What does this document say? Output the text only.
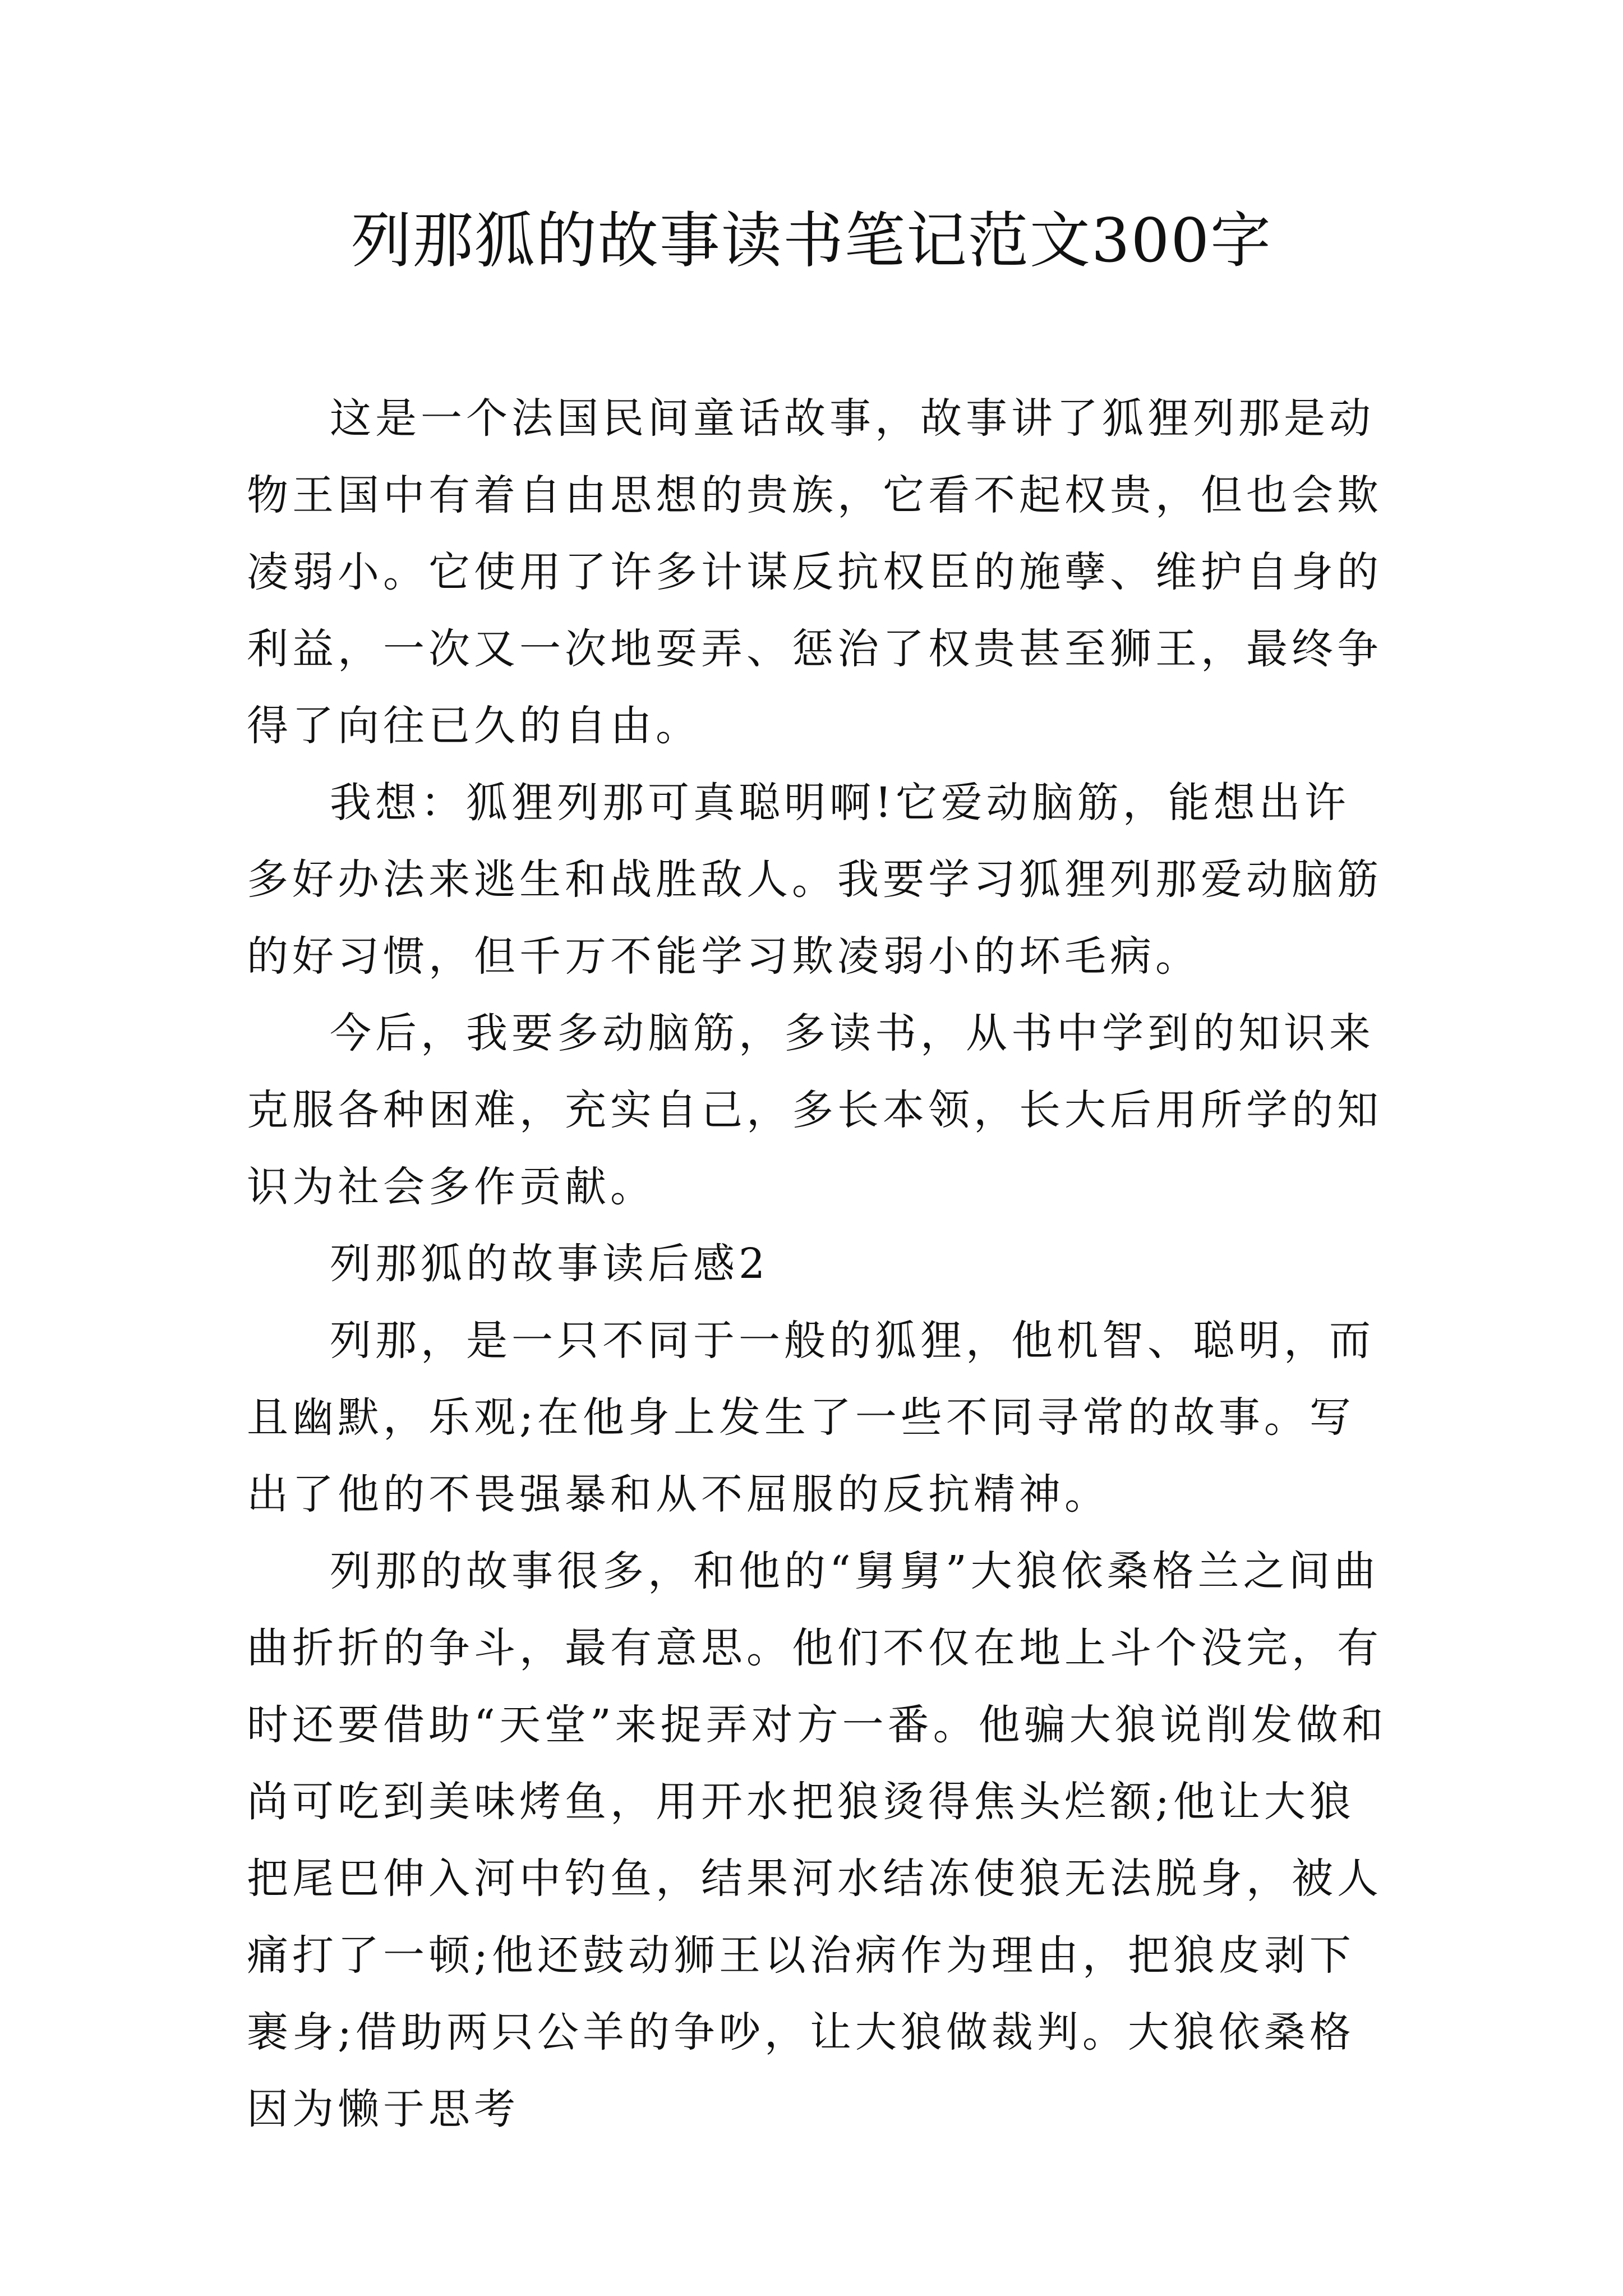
列那狐的故事读书笔记范文300字

这是一个法国民间童话故事，故事讲了狐狸列那是动物王国中有着自由思想的贵族，它看不起权贵，但也会欺凌弱小。它使用了许多计谋反抗权臣的施孽、维护自身的利益，一次又一次地耍弄、惩治了权贵甚至狮王，最终争得了向往已久的自由。

我想：狐狸列那可真聪明啊!它爱动脑筋，能想出许多好办法来逃生和战胜敌人。我要学习狐狸列那爱动脑筋的好习惯，但千万不能学习欺凌弱小的坏毛病。

今后，我要多动脑筋，多读书，从书中学到的知识来克服各种困难，充实自己，多长本领，长大后用所学的知识为社会多作贡献。

列那狐的故事读后感2

列那，是一只不同于一般的狐狸，他机智、聪明，而且幽默，乐观;在他身上发生了一些不同寻常的故事。写出了他的不畏强暴和从不屈服的反抗精神。

列那的故事很多，和他的“舅舅”大狼依桑格兰之间曲曲折折的争斗，最有意思。他们不仅在地上斗个没完，有时还要借助“天堂”来捉弄对方一番。他骗大狼说削发做和尚可吃到美味烤鱼，用开水把狼烫得焦头烂额;他让大狼把尾巴伸入河中钓鱼，结果河水结冻使狼无法脱身，被人痛打了一顿;他还鼓动狮王以治病作为理由，把狼皮剥下裹身;借助两只公羊的争吵，让大狼做裁判。大狼依桑格因为懒于思考
